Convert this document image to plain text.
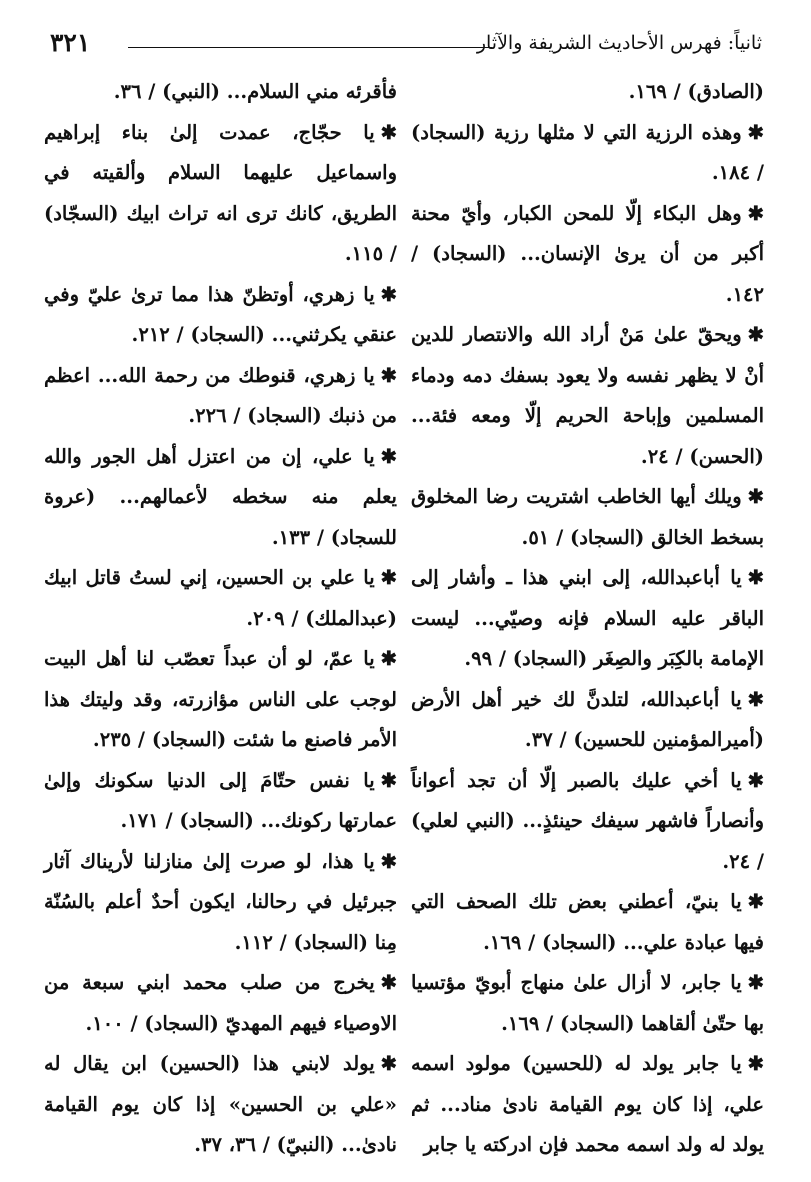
ثانياً: فهرس الأحاديث الشريفة والآثار
٣٢١

(الصادق) / ١٦٩.

✱وهذه الرزية التي لا مثلها رزية (السجاد) / ١٨٤.

✱وهل البكاء إلّا للمحن الكبار، وأيّ محنة أكبر من أن يرىٰ الإنسان... (السجاد) / ١٤٢.

✱ويحقّ علىٰ مَنْ أراد الله والانتصار للدين أنْ لا يظهر نفسه ولا يعود بسفك دمه ودماء المسلمين وإباحة الحريم إلّا ومعه فئة... (الحسن) / ٢٤.

✱ويلك أيها الخاطب اشتريت رضا المخلوق بسخط الخالق (السجاد) / ٥١.

✱يا أباعبدالله، إلى ابني هذا ـ وأشار إلى الباقر عليه السلام فإنه وصيّي... ليست الإمامة بالكِبَر والصِغَر (السجاد) / ٩٩.

✱يا أباعبدالله، لتلدنَّ لك خير أهل الأرض (أميرالمؤمنين للحسين) / ٣٧.

✱يا أخي عليك بالصبر إلّا أن تجد أعواناً وأنصاراً فاشهر سيفك حينئذٍ... (النبي لعلي) / ٢٤.

✱يا بنيّ، أعطني بعض تلك الصحف التي فيها عبادة علي... (السجاد) / ١٦٩.

✱يا جابر، لا أزال علىٰ منهاج أبويّ مؤتسيا بها حتّىٰ ألقاهما (السجاد) / ١٦٩.

✱يا جابر يولد له (للحسين) مولود اسمه علي، إذا كان يوم القيامة نادىٰ مناد... ثم يولد له ولد اسمه محمد فإن ادركته يا جابر

فأقرئه مني السلام... (النبي) / ٣٦.

✱يا حجّاج، عمدت إلىٰ بناء إبراهيم واسماعيل عليهما السلام وألقيته في الطريق، كانك ترى انه تراث ابيك (السجّاد) / ١١٥.

✱يا زهري، أوتظنّ هذا مما ترىٰ عليّ وفي عنقي يكرثني... (السجاد) / ٢١٢.

✱يا زهري، قنوطك من رحمة الله... اعظم من ذنبك (السجاد) / ٢٢٦.

✱يا علي، إن من اعتزل أهل الجور والله يعلم منه سخطه لأعمالهم... (عروة للسجاد) / ١٣٣.

✱يا علي بن الحسين، إني لستُ قاتل ابيك (عبدالملك) / ٢٠٩.

✱يا عمّ، لو أن عبداً تعصّب لنا أهل البيت لوجب على الناس مؤازرته، وقد وليتك هذا الأمر فاصنع ما شئت (السجاد) / ٢٣٥.

✱يا نفس حتّامَ إلى الدنيا سكونك وإلىٰ عمارتها ركونك... (السجاد) / ١٧١.

✱يا هذا، لو صرت إلىٰ منازلنا لأريناك آثار جبرئيل في رحالنا، ايكون أحدٌ أعلم بالسُنّة مِنا (السجاد) / ١١٢.

✱يخرج من صلب محمد ابني سبعة من الاوصياء فيهم المهديّ (السجاد) / ١٠٠.

✱يولد لابني هذا (الحسين) ابن يقال له «علي بن الحسين» إذا كان يوم القيامة نادىٰ... (النبيّ) / ٣٦، ٣٧.
